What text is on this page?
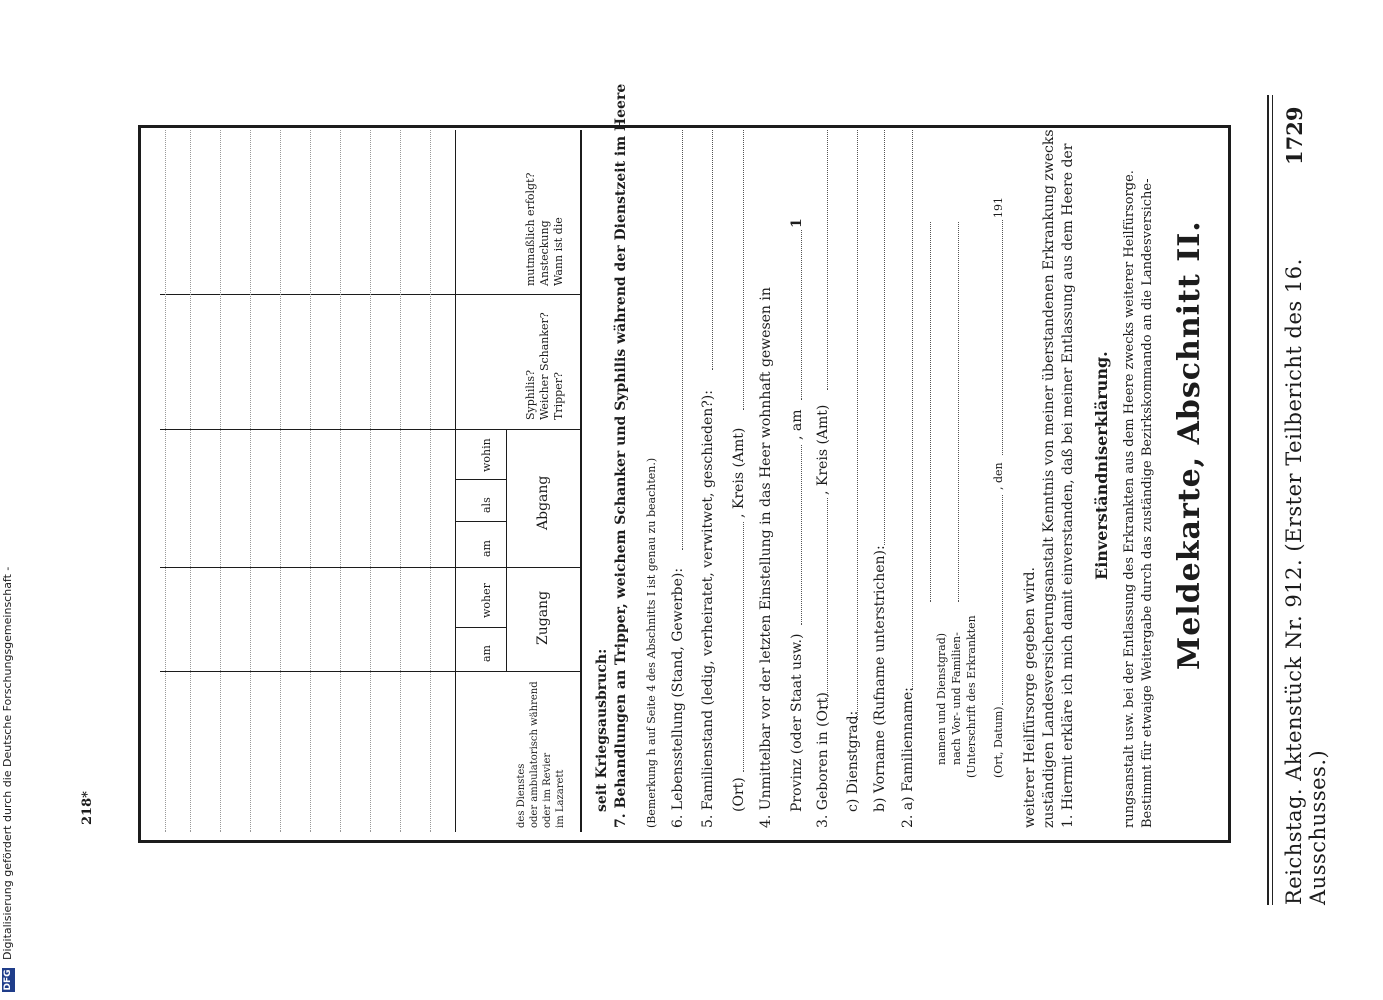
Reichstag. Aktenstück Nr. 912. (Erster Teilbericht des 16. Ausschusses.)
1729
Meldekarte, Abschnitt II.
Bestimmt für etwaige Weitergabe durch das zuständige Bezirkskommando an die Landesversiche-
rungsanstalt usw. bei der Entlassung des Erkrankten aus dem Heere zwecks weiterer Heilfürsorge.
Einverständniserklärung.
1. Hiermit erkläre ich mich damit einverstanden, daß bei meiner Entlassung aus dem Heere der
zuständigen Landesversicherungsanstalt Kenntnis von meiner überstandenen Erkrankung zwecks
weiterer Heilfürsorge gegeben wird.
(Ort, Datum)
, den
191
(Unterschrift des Erkrankten
nach Vor- und Familien-
namen und Dienstgrad)
2. a) Familienname:
b) Vorname (Rufname unterstrichen):
c) Dienstgrad:
3. Geboren in (Ort)
, Kreis (Amt)
Provinz (oder Staat usw.)
, am
1
4. Unmittelbar vor der letzten Einstellung in das Heer wohnhaft gewesen in
(Ort)
, Kreis (Amt)
5. Familienstand (ledig, verheiratet, verwitwet, geschieden?):
6. Lebensstellung (Stand, Gewerbe):
(Bemerkung h auf Seite 4 des Abschnitts I ist genau zu beachten.)
7. Behandlungen an Tripper, weichem Schanker und Syphilis während der Dienstzeit im Heere
seit Kriegsausbruch:
im Lazarett
oder im Revier
oder ambulatorisch während
des Dienstes
Zugang
am
woher
Abgang
am
als
wohin
Tripper?
Weicher Schanker?
Syphilis?
Wann ist die
Ansteckung
mutmaßlich erfolgt?
218*
DFG
Digitalisierung gefördert durch die Deutsche Forschungsgemeinschaft -
